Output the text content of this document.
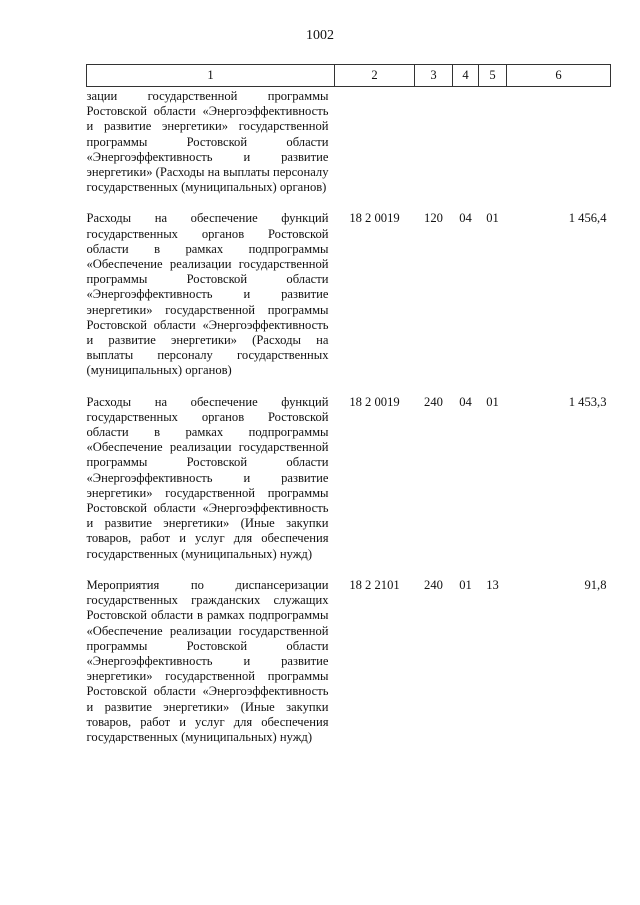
1002
1	2	3	4	5	6
зации государственной программы Ростовской области «Энергоэффективность и развитие энергетики» государственной программы Ростовской области «Энергоэффективность и развитие энергетики» (Расходы на выплаты персоналу государственных (муниципальных) органов)					
Расходы на обеспечение функций государственных органов Ростовской области в рамках подпрограммы «Обеспечение реализации государственной программы Ростовской области «Энергоэффективность и развитие энергетики» государственной программы Ростовской области «Энергоэффективность и развитие энергетики» (Расходы на выплаты персоналу государственных (муниципальных) органов)	18 2 0019	120	04	01	1 456,4
Расходы на обеспечение функций государственных органов Ростовской области в рамках подпрограммы «Обеспечение реализации государственной программы Ростовской области «Энергоэффективность и развитие энергетики» государственной программы Ростовской области «Энергоэффективность и развитие энергетики» (Иные закупки товаров, работ и услуг для обеспечения государственных (муниципальных) нужд)	18 2 0019	240	04	01	1 453,3
Мероприятия по диспансеризации государственных гражданских служащих Ростовской области в рамках подпрограммы «Обеспечение реализации государственной программы Ростовской области «Энергоэффективность и развитие энергетики» государственной программы Ростовской области «Энергоэффективность и развитие энергетики» (Иные закупки товаров, работ и услуг для обеспечения государственных (муниципальных) нужд)	18 2 2101	240	01	13	91,8
